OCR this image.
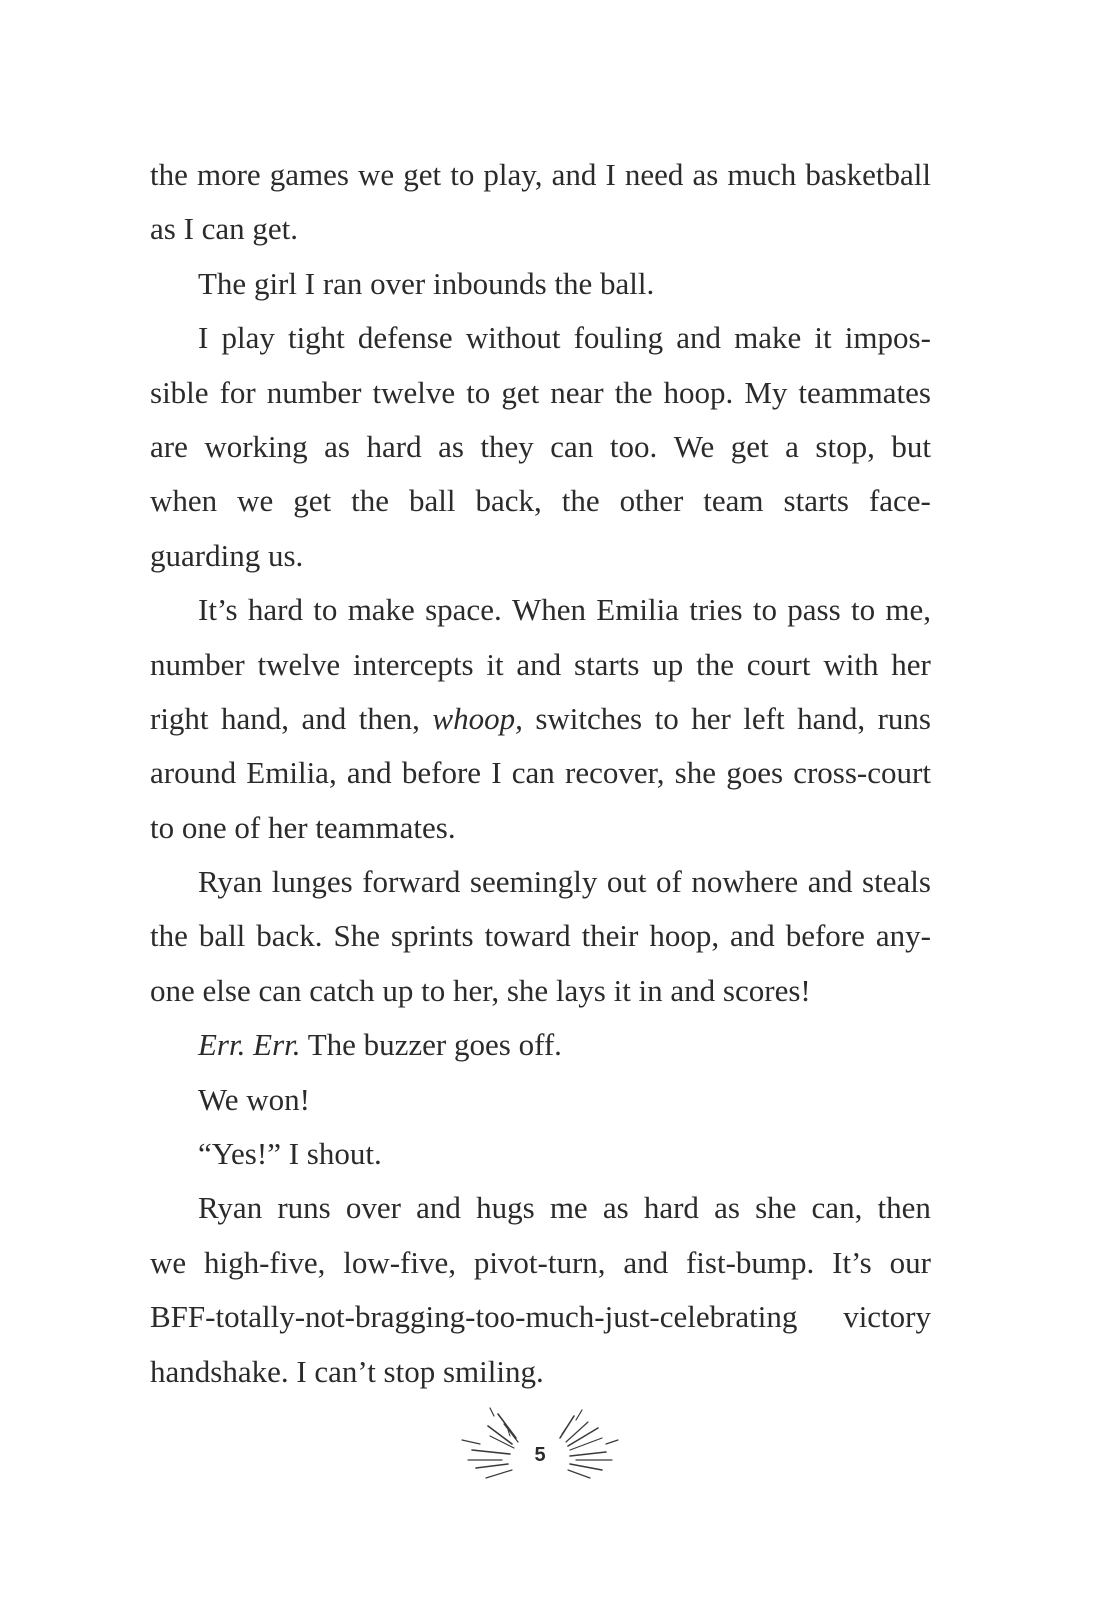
the more games we get to play, and I need as much basketball
as I can get.
The girl I ran over inbounds the ball.
I play tight defense without fouling and make it impos-
sible for number twelve to get near the hoop. My teammates
are working as hard as they can too. We get a stop, but
when we get the ball back, the other team starts face-
guarding us.
It’s hard to make space. When Emilia tries to pass to me,
number twelve intercepts it and starts up the court with her
right hand, and then, whoop, switches to her left hand, runs
around Emilia, and before I can recover, she goes cross-court
to one of her teammates.
Ryan lunges forward seemingly out of nowhere and steals
the ball back. She sprints toward their hoop, and before any-
one else can catch up to her, she lays it in and scores!
Err. Err. The buzzer goes off.
We won!
“Yes!” I shout.
Ryan runs over and hugs me as hard as she can, then
we high-five, low-five, pivot-turn, and fist-bump. It’s our
BFF-totally-not-bragging-too-much-just-celebrating victory
handshake. I can’t stop smiling.
5
